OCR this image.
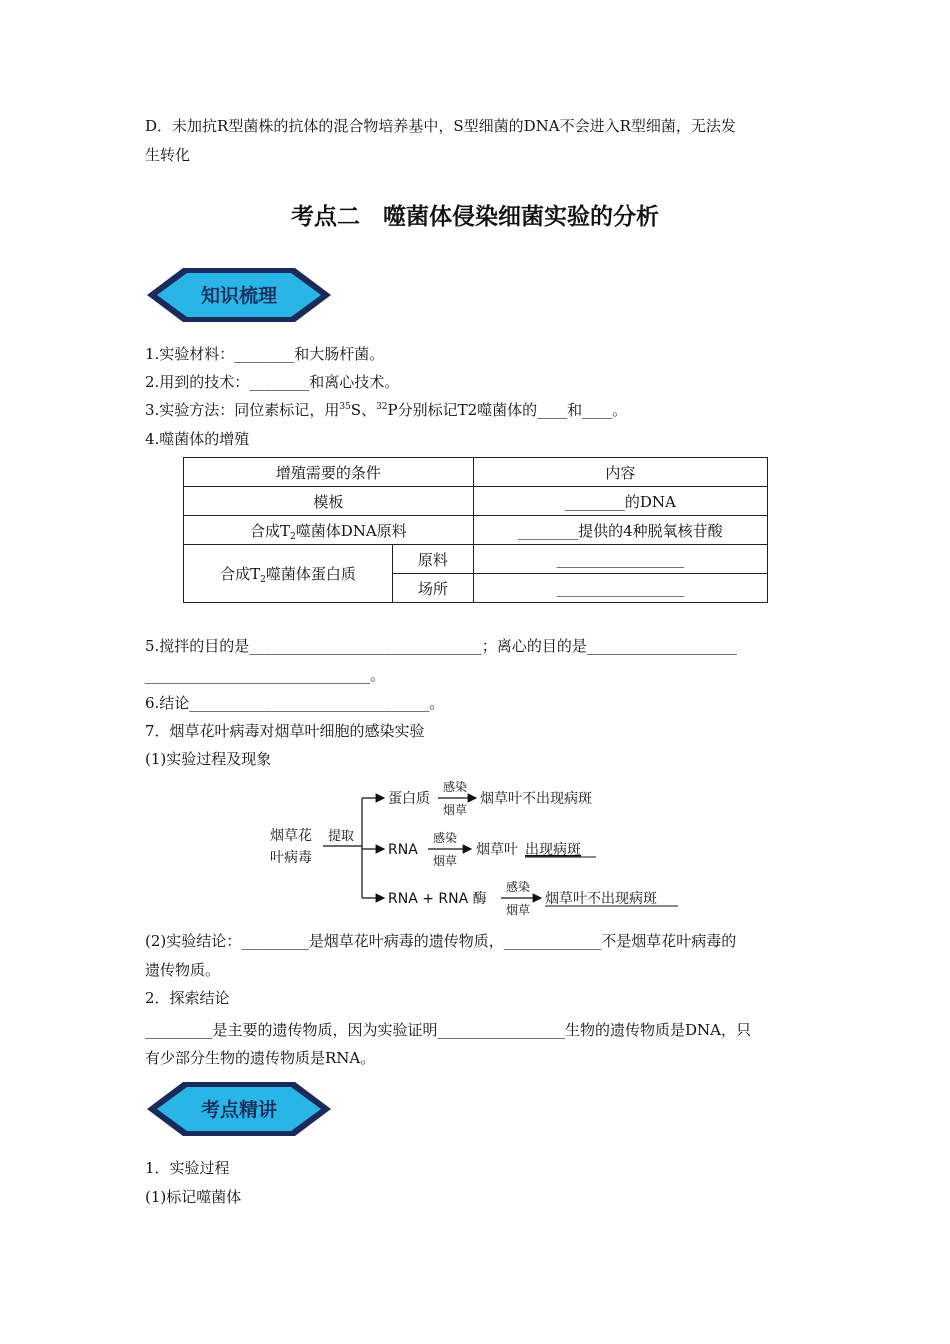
D．未加抗R型菌株的抗体的混合物培养基中，S型细菌的DNA不会进入R型细菌，无法发
生转化
考点二　噬菌体侵染细菌实验的分析
知识梳理
1.实验材料：________和大肠杆菌。
2.用到的技术：________和离心技术。
3.实验方法：同位素标记，用$^{35}$S、$^{32}$P分别标记T2噬菌体的____和____。
4.噬菌体的增殖
增殖需要的条件		内容
模板		________的DNA
合成$T_2$噬菌体DNA原料		________提供的4种脱氧核苷酸
合成$T_2$噬菌体蛋白质	原料	_________________
	场所	_________________
5.搅拌的目的是_______________________________；离心的目的是____________________
______________________________。
6.结论________________________________。
7．烟草花叶病毒对烟草叶细胞的感染实验
(1)实验过程及现象
烟草花
叶病毒
提取
蛋白质
感染
烟草
烟草叶不出现病斑
RNA
感染
烟草
烟草叶 出现病斑
RNA + RNA 酶
感染
烟草
烟草叶不出现病斑
(2)实验结论：_________是烟草花叶病毒的遗传物质，_____________不是烟草花叶病毒的
遗传物质。
2．探索结论
_________是主要的遗传物质，因为实验证明_________________生物的遗传物质是DNA，只
有少部分生物的遗传物质是RNA。
考点精讲
1．实验过程
(1)标记噬菌体
